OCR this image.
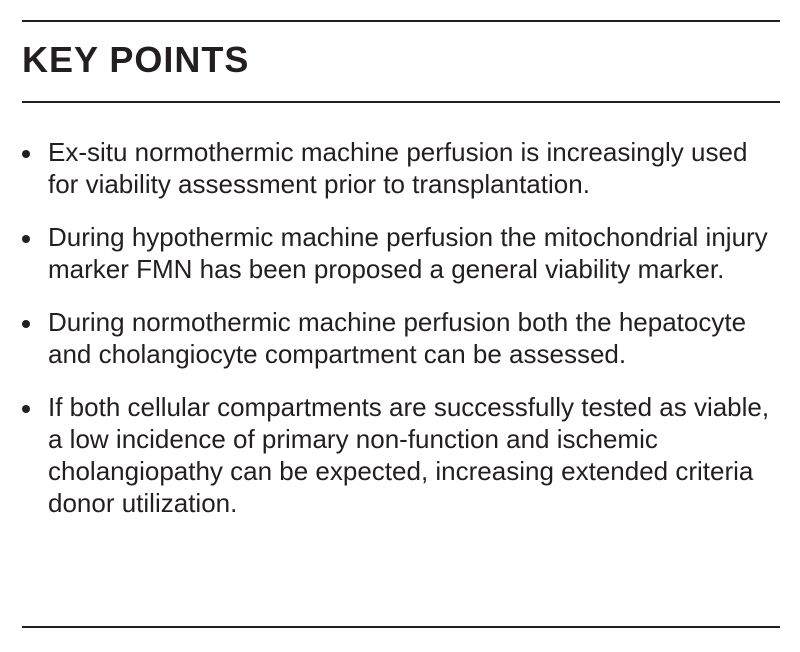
KEY POINTS
Ex-situ normothermic machine perfusion is increasingly used for viability assessment prior to transplantation.
During hypothermic machine perfusion the mitochondrial injury marker FMN has been proposed a general viability marker.
During normothermic machine perfusion both the hepatocyte and cholangiocyte compartment can be assessed.
If both cellular compartments are successfully tested as viable, a low incidence of primary non-function and ischemic cholangiopathy can be expected, increasing extended criteria donor utilization.
